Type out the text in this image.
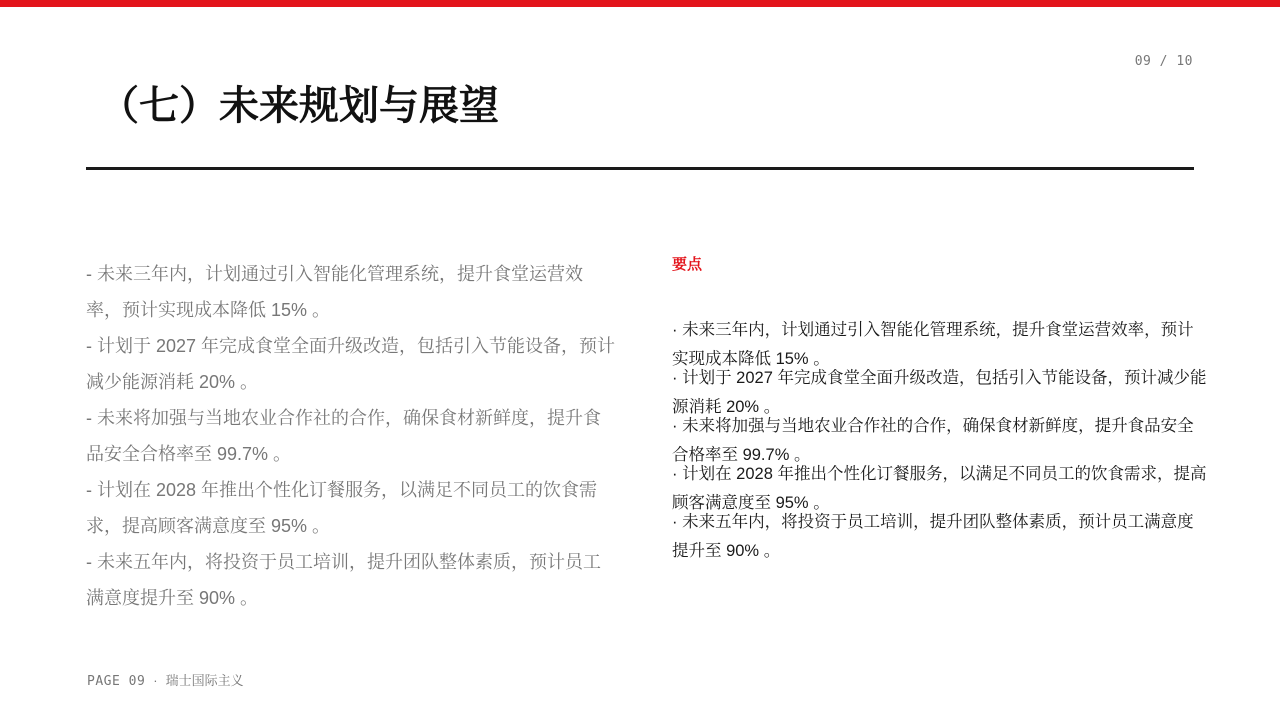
09 / 10
（七）未来规划与展望
- 未来三年内，计划通过引入智能化管理系统，提升食堂运营效率，预计实现成本降低 15% 。
- 计划于 2027 年完成食堂全面升级改造，包括引入节能设备，预计减少能源消耗 20% 。
- 未来将加强与当地农业合作社的合作，确保食材新鲜度，提升食品安全合格率至 99.7% 。
- 计划在 2028 年推出个性化订餐服务，以满足不同员工的饮食需求，提高顾客满意度至 95% 。
- 未来五年内，将投资于员工培训，提升团队整体素质，预计员工满意度提升至 90% 。

要点

· 未来三年内，计划通过引入智能化管理系统，提升食堂运营效率，预计实现成本降低 15% 。
· 计划于 2027 年完成食堂全面升级改造，包括引入节能设备，预计减少能源消耗 20% 。
· 未来将加强与当地农业合作社的合作，确保食材新鲜度，提升食品安全合格率至 99.7% 。
· 计划在 2028 年推出个性化订餐服务，以满足不同员工的饮食需求，提高顾客满意度至 95% 。
· 未来五年内，将投资于员工培训，提升团队整体素质，预计员工满意度提升至 90% 。
PAGE 09 · 瑞士国际主义
